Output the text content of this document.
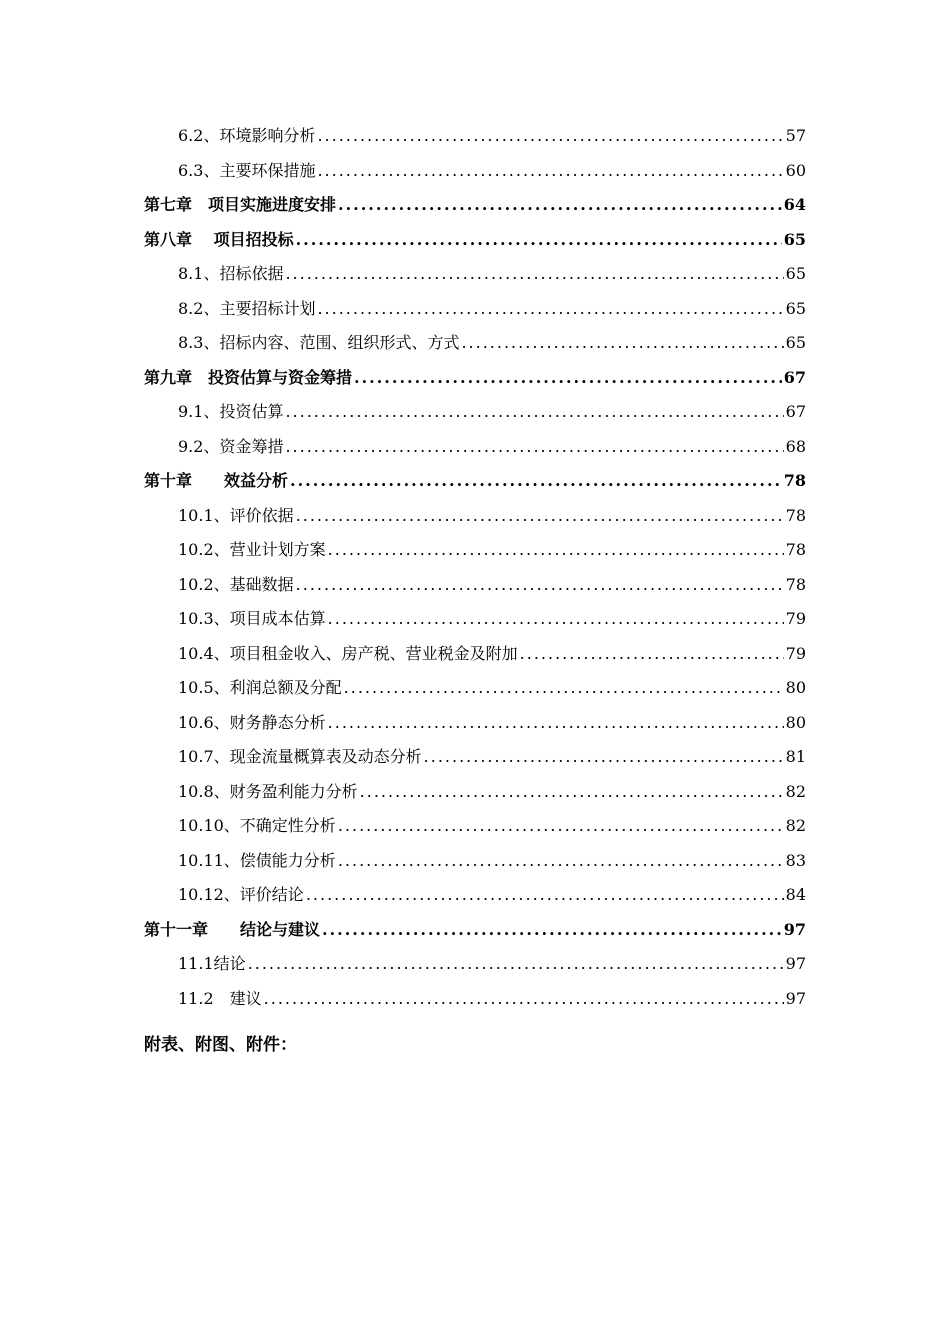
6.2、环境影响分析 .....	57
6.3、主要环保措施 .....	60
第七章　项目实施进度安排 .....	64
第八章　 项目招投标 .....	65
8.1、招标依据 .....	65
8.2、主要招标计划 .....	65
8.3、招标内容、范围、组织形式、方式 .....	65
第九章　投资估算与资金筹措 .....	67
9.1、投资估算 .....	67
9.2、资金筹措 .....	68
第十章　　效益分析 .....	78
10.1、评价依据 .....	78
10.2、营业计划方案 .....	78
10.2、基础数据 .....	78
10.3、项目成本估算 .....	79
10.4、项目租金收入、房产税、营业税金及附加 .....	79
10.5、利润总额及分配 .....	80
10.6、财务静态分析 .....	80
10.7、现金流量概算表及动态分析 .....	81
10.8、财务盈利能力分析 .....	82
10.10、不确定性分析 .....	82
10.11、偿债能力分析 .....	83
10.12、评价结论 .....	84
第十一章　　结论与建议 .....	97
11.1结论 .....	97
11.2　建议 .....	97
附表、附图、附件：
